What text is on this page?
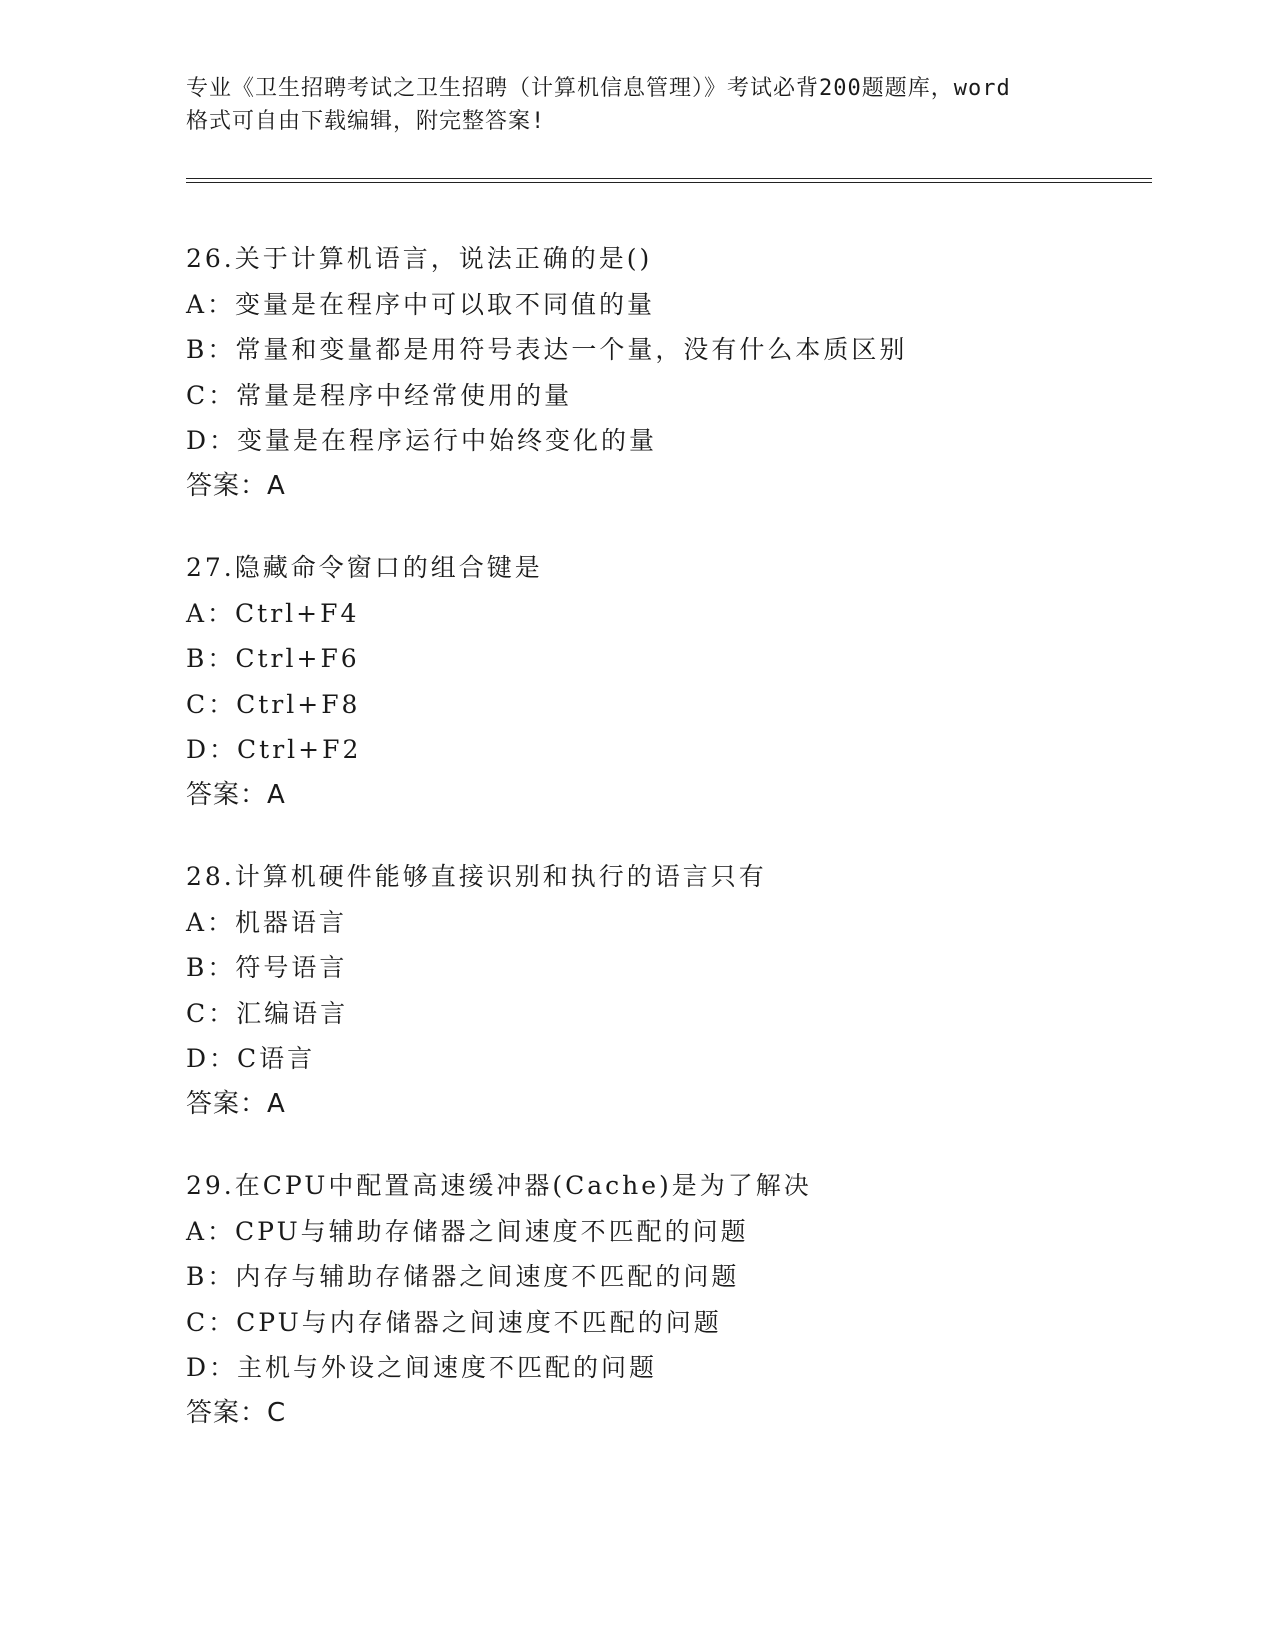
专业《卫生招聘考试之卫生招聘（计算机信息管理）》考试必背200题题库，word
格式可自由下载编辑，附完整答案!
26.关于计算机语言，说法正确的是()
A：变量是在程序中可以取不同值的量
B：常量和变量都是用符号表达一个量，没有什么本质区别
C：常量是程序中经常使用的量
D：变量是在程序运行中始终变化的量
答案：A
27.隐藏命令窗口的组合键是
A：Ctrl+F4
B：Ctrl+F6
C：Ctrl+F8
D：Ctrl+F2
答案：A
28.计算机硬件能够直接识别和执行的语言只有
A：机器语言
B：符号语言
C：汇编语言
D：C语言
答案：A
29.在CPU中配置高速缓冲器(Cache)是为了解决
A：CPU与辅助存储器之间速度不匹配的问题
B：内存与辅助存储器之间速度不匹配的问题
C：CPU与内存储器之间速度不匹配的问题
D：主机与外设之间速度不匹配的问题
答案：C
